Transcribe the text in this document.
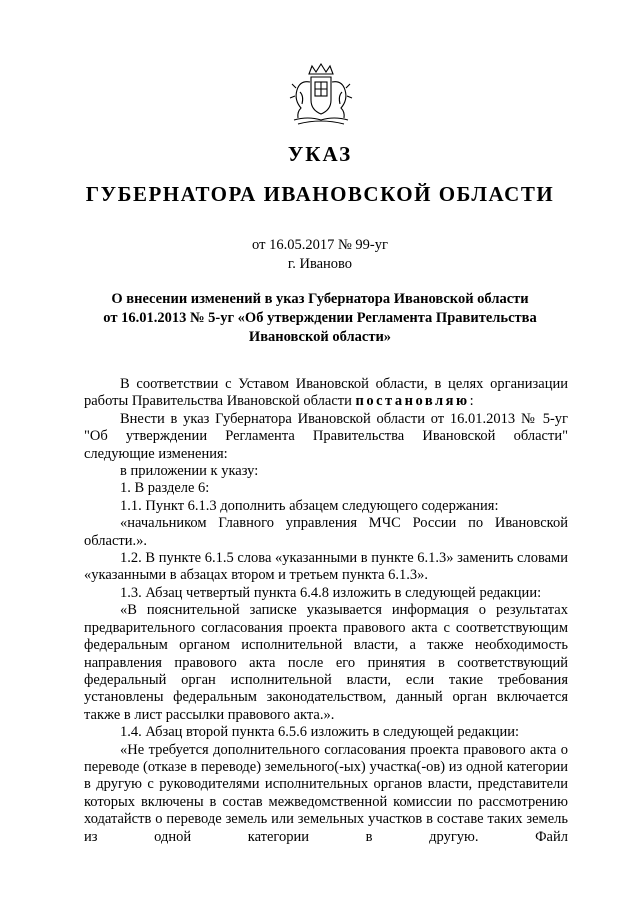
УКАЗ
ГУБЕРНАТОРА ИВАНОВСКОЙ ОБЛАСТИ
от 16.05.2017 № 99-уг
г. Иваново
О внесении изменений в указ Губернатора Ивановской области
от 16.01.2013 № 5-уг «Об утверждении Регламента Правительства
Ивановской области»

В соответствии с Уставом Ивановской области, в целях организации работы Правительства Ивановской области постановляю:

Внести в указ Губернатора Ивановской области от 16.01.2013 № 5-уг "Об утверждении Регламента Правительства Ивановской области" следующие изменения:

в приложении к указу:

1. В разделе 6:

1.1. Пункт 6.1.3 дополнить абзацем следующего содержания:

«начальником Главного управления МЧС России по Ивановской области.».

1.2. В пункте 6.1.5 слова «указанными в пункте 6.1.3» заменить словами «указанными в абзацах втором и третьем пункта 6.1.3».

1.3. Абзац четвертый пункта 6.4.8 изложить в следующей редакции:

«В пояснительной записке указывается информация о результатах предварительного согласования проекта правового акта с соответствующим федеральным органом исполнительной власти, а также необходимость направления правового акта после его принятия в соответствующий федеральный орган исполнительной власти, если такие требования установлены федеральным законодательством, данный орган включается также в лист рассылки правового акта.».

1.4. Абзац второй пункта 6.5.6 изложить в следующей редакции:

«Не требуется дополнительного согласования проекта правового акта о переводе (отказе в переводе) земельного(-ых) участка(-ов) из одной категории в другую с руководителями исполнительных органов власти, представители которых включены в состав межведомственной комиссии по рассмотрению ходатайств о переводе земель или земельных участков в составе таких земель из одной категории в другую. Файл
